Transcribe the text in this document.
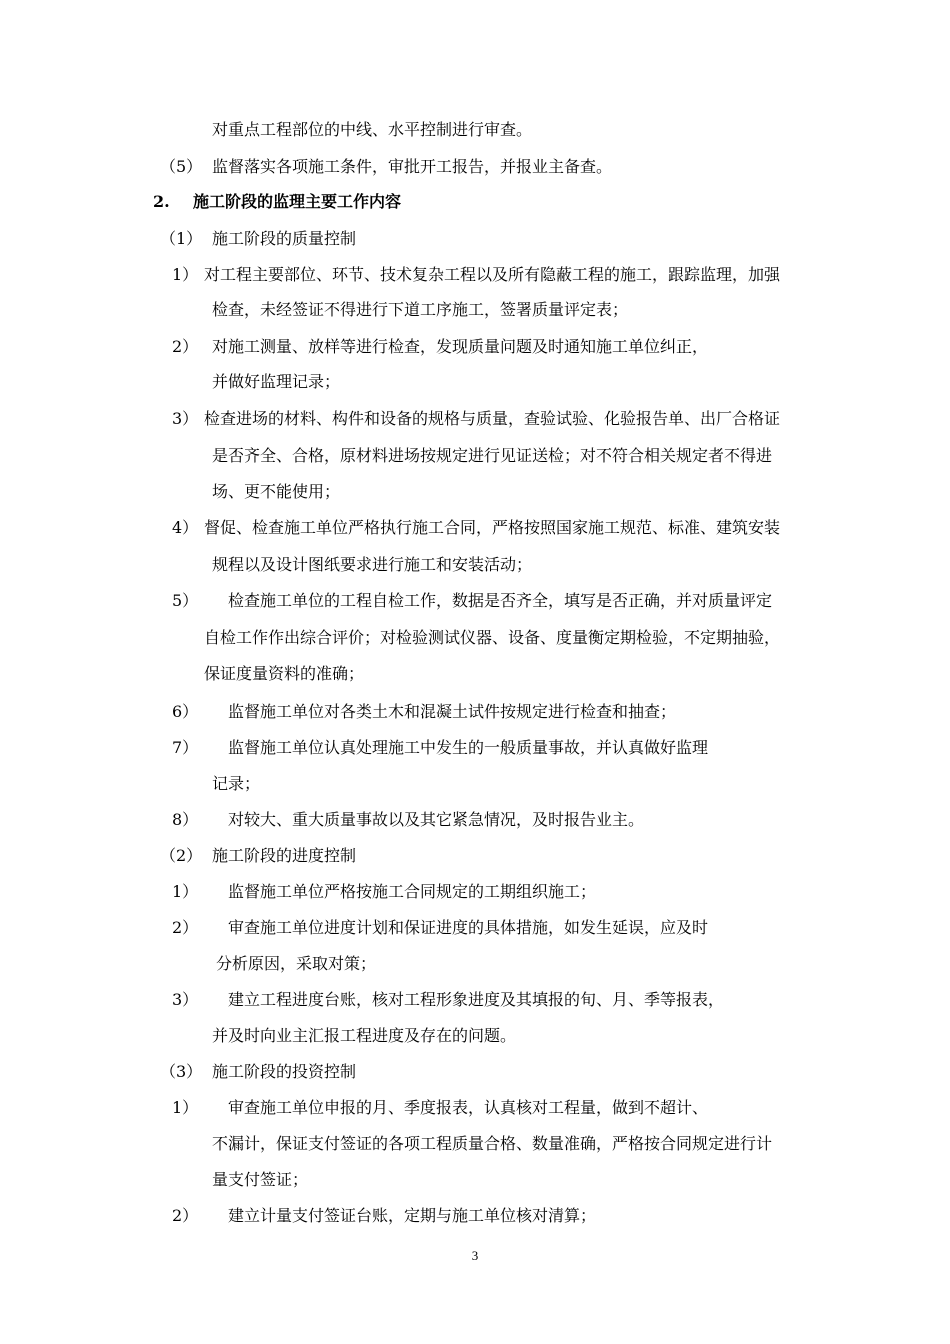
对重点工程部位的中线、水平控制进行审查。
（5） 监督落实各项施工条件，审批开工报告，并报业主备查。
2. 施工阶段的监理主要工作内容
（1） 施工阶段的质量控制
1） 对工程主要部位、环节、技术复杂工程以及所有隐蔽工程的施工，跟踪监理，加强
检查，未经签证不得进行下道工序施工，签署质量评定表；
2） 对施工测量、放样等进行检查，发现质量问题及时通知施工单位纠正，
并做好监理记录；
3） 检查进场的材料、构件和设备的规格与质量，查验试验、化验报告单、出厂合格证
是否齐全、合格，原材料进场按规定进行见证送检；对不符合相关规定者不得进
场、更不能使用；
4） 督促、检查施工单位严格执行施工合同，严格按照国家施工规范、标准、建筑安装
规程以及设计图纸要求进行施工和安装活动；
5） 检查施工单位的工程自检工作，数据是否齐全，填写是否正确，并对质量评定
自检工作作出综合评价；对检验测试仪器、设备、度量衡定期检验，不定期抽验，
保证度量资料的准确；
6） 监督施工单位对各类土木和混凝土试件按规定进行检查和抽查；
7） 监督施工单位认真处理施工中发生的一般质量事故，并认真做好监理
记录；
8） 对较大、重大质量事故以及其它紧急情况，及时报告业主。
（2） 施工阶段的进度控制
1） 监督施工单位严格按施工合同规定的工期组织施工；
2） 审查施工单位进度计划和保证进度的具体措施，如发生延误，应及时
分析原因，采取对策；
3） 建立工程进度台账，核对工程形象进度及其填报的旬、月、季等报表，
并及时向业主汇报工程进度及存在的问题。
（3） 施工阶段的投资控制
1） 审查施工单位申报的月、季度报表，认真核对工程量，做到不超计、
不漏计，保证支付签证的各项工程质量合格、数量准确，严格按合同规定进行计
量支付签证；
2） 建立计量支付签证台账，定期与施工单位核对清算；
3
